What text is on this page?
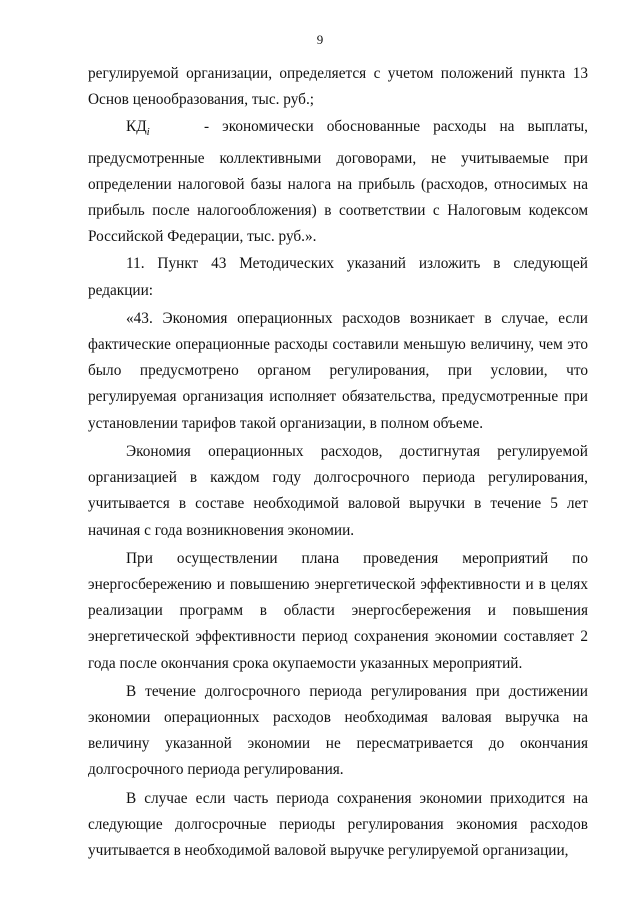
9

регулируемой организации, определяется с учетом положений пункта 13 Основ ценообразования, тыс. руб.;

$КД_i$	- экономически обоснованные расходы на выплаты, предусмотренные коллективными договорами, не учитываемые при определении налоговой базы налога на прибыль (расходов, относимых на прибыль после налогообложения) в соответствии с Налоговым кодексом Российской Федерации, тыс. руб.».

11. Пункт 43 Методических указаний изложить в следующей редакции:

«43. Экономия операционных расходов возникает в случае, если фактические операционные расходы составили меньшую величину, чем это было предусмотрено органом регулирования, при условии, что регулируемая организация исполняет обязательства, предусмотренные при установлении тарифов такой организации, в полном объеме.

Экономия операционных расходов, достигнутая регулируемой организацией в каждом году долгосрочного периода регулирования, учитывается в составе необходимой валовой выручки в течение 5 лет начиная с года возникновения экономии.

При осуществлении плана проведения мероприятий по энергосбережению и повышению энергетической эффективности и в целях реализации программ в области энергосбережения и повышения энергетической эффективности период сохранения экономии составляет 2 года после окончания срока окупаемости указанных мероприятий.

В течение долгосрочного периода регулирования при достижении экономии операционных расходов необходимая валовая выручка на величину указанной экономии не пересматривается до окончания долгосрочного периода регулирования.

В случае если часть периода сохранения экономии приходится на следующие долгосрочные периоды регулирования экономия расходов учитывается в необходимой валовой выручке регулируемой организации,
